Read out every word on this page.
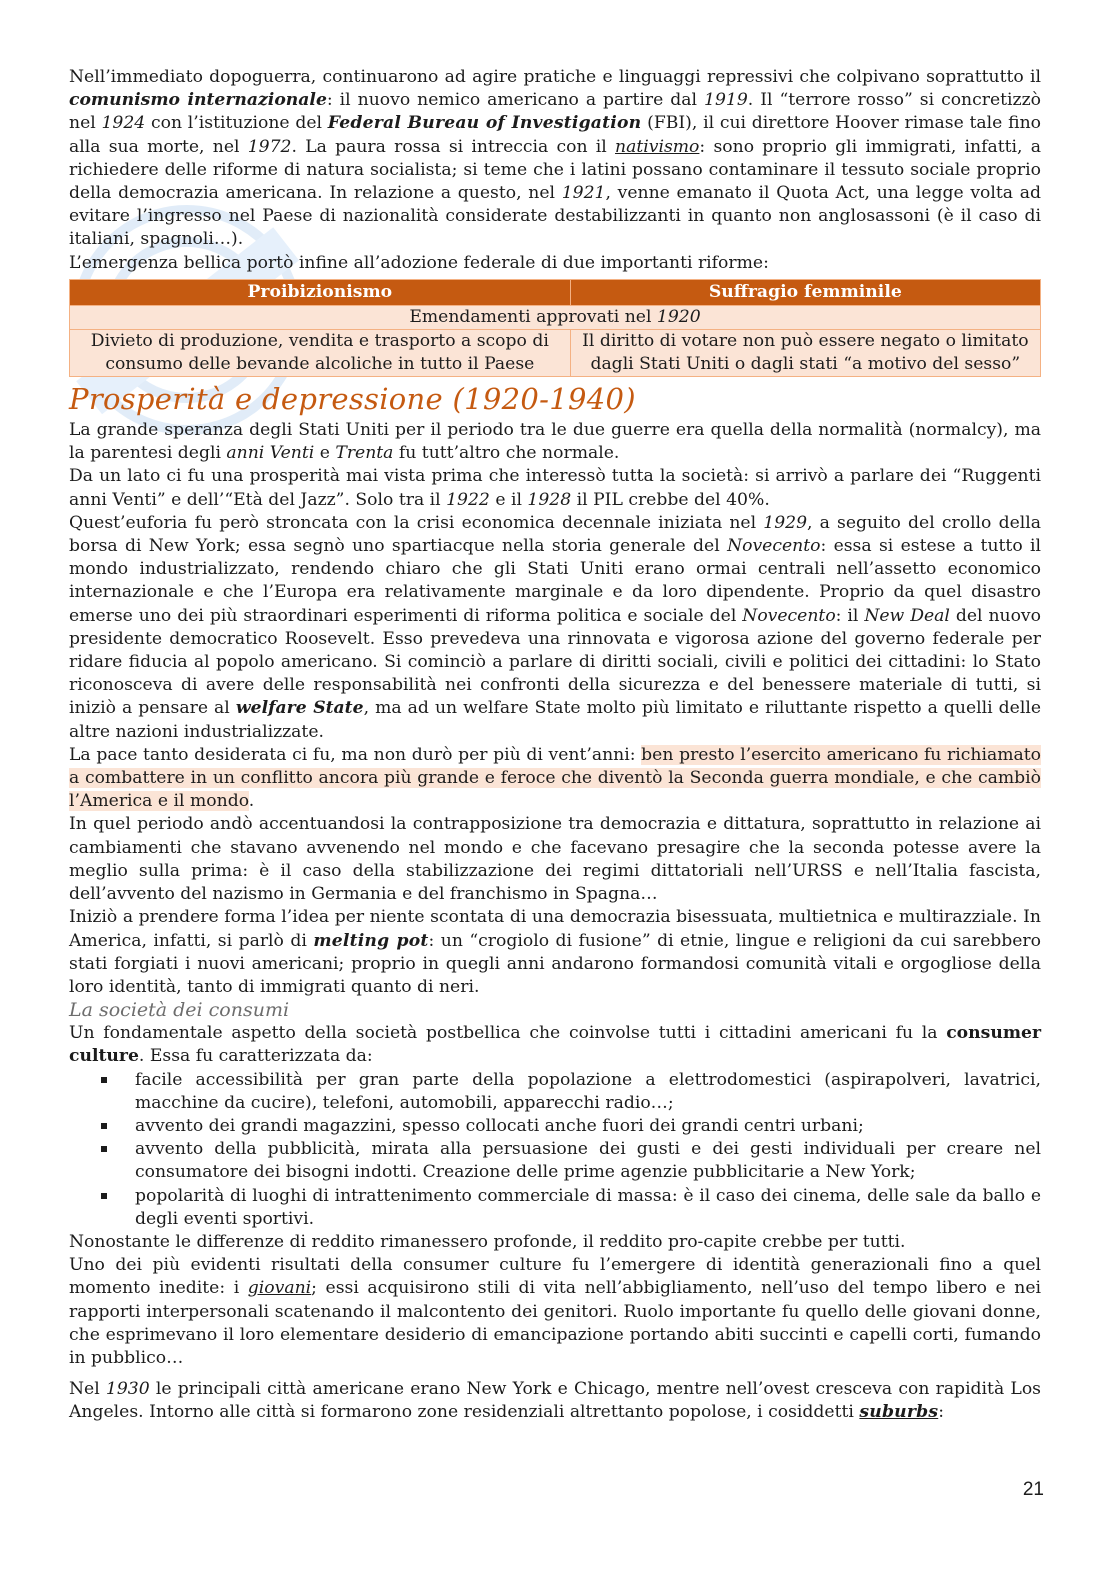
Nell’immediato dopoguerra, continuarono ad agire pratiche e linguaggi repressivi che colpivano soprattutto il comunismo internazionale: il nuovo nemico americano a partire dal 1919. Il “terrore rosso” si concretizzò nel 1924 con l’istituzione del Federal Bureau of Investigation (FBI), il cui direttore Hoover rimase tale fino alla sua morte, nel 1972. La paura rossa si intreccia con il nativismo: sono proprio gli immigrati, infatti, a richiedere delle riforme di natura socialista; si teme che i latini possano contaminare il tessuto sociale proprio della democrazia americana. In relazione a questo, nel 1921, venne emanato il Quota Act, una legge volta ad evitare l’ingresso nel Paese di nazionalità considerate destabilizzanti in quanto non anglosassoni (è il caso di italiani, spagnoli…).

L’emergenza bellica portò infine all’adozione federale di due importanti riforme:

Proibizionismo	Suffragio femminile
Emendamenti approvati nel 1920	
Divieto di produzione, vendita e trasporto a scopo di consumo delle bevande alcoliche in tutto il Paese	Il diritto di votare non può essere negato o limitato dagli Stati Uniti o dagli stati “a motivo del sesso”
Prosperità e depressione (1920-1940)

La grande speranza degli Stati Uniti per il periodo tra le due guerre era quella della normalità (normalcy), ma la parentesi degli anni Venti e Trenta fu tutt’altro che normale.

Da un lato ci fu una prosperità mai vista prima che interessò tutta la società: si arrivò a parlare dei “Ruggenti anni Venti” e dell’“Età del Jazz”. Solo tra il 1922 e il 1928 il PIL crebbe del 40%.

Quest’euforia fu però stroncata con la crisi economica decennale iniziata nel 1929, a seguito del crollo della borsa di New York; essa segnò uno spartiacque nella storia generale del Novecento: essa si estese a tutto il mondo industrializzato, rendendo chiaro che gli Stati Uniti erano ormai centrali nell’assetto economico internazionale e che l’Europa era relativamente marginale e da loro dipendente. Proprio da quel disastro emerse uno dei più straordinari esperimenti di riforma politica e sociale del Novecento: il New Deal del nuovo presidente democratico Roosevelt. Esso prevedeva una rinnovata e vigorosa azione del governo federale per ridare fiducia al popolo americano. Si cominciò a parlare di diritti sociali, civili e politici dei cittadini: lo Stato riconosceva di avere delle responsabilità nei confronti della sicurezza e del benessere materiale di tutti, si iniziò a pensare al welfare State, ma ad un welfare State molto più limitato e riluttante rispetto a quelli delle altre nazioni industrializzate.

La pace tanto desiderata ci fu, ma non durò per più di vent’anni: ben presto l’esercito americano fu richiamato a combattere in un conflitto ancora più grande e feroce che diventò la Seconda guerra mondiale, e che cambiò l’America e il mondo.

In quel periodo andò accentuandosi la contrapposizione tra democrazia e dittatura, soprattutto in relazione ai cambiamenti che stavano avvenendo nel mondo e che facevano presagire che la seconda potesse avere la meglio sulla prima: è il caso della stabilizzazione dei regimi dittatoriali nell’URSS e nell’Italia fascista, dell’avvento del nazismo in Germania e del franchismo in Spagna…

Iniziò a prendere forma l’idea per niente scontata di una democrazia bisessuata, multietnica e multirazziale. In America, infatti, si parlò di melting pot: un “crogiolo di fusione” di etnie, lingue e religioni da cui sarebbero stati forgiati i nuovi americani; proprio in quegli anni andarono formandosi comunità vitali e orgogliose della loro identità, tanto di immigrati quanto di neri.

La società dei consumi

Un fondamentale aspetto della società postbellica che coinvolse tutti i cittadini americani fu la consumer culture. Essa fu caratterizzata da:

facile accessibilità per gran parte della popolazione a elettrodomestici (aspirapolveri, lavatrici, macchine da cucire), telefoni, automobili, apparecchi radio…;
avvento dei grandi magazzini, spesso collocati anche fuori dei grandi centri urbani;
avvento della pubblicità, mirata alla persuasione dei gusti e dei gesti individuali per creare nel consumatore dei bisogni indotti. Creazione delle prime agenzie pubblicitarie a New York;
popolarità di luoghi di intrattenimento commerciale di massa: è il caso dei cinema, delle sale da ballo e degli eventi sportivi.

Nonostante le differenze di reddito rimanessero profonde, il reddito pro-capite crebbe per tutti.

Uno dei più evidenti risultati della consumer culture fu l’emergere di identità generazionali fino a quel momento inedite: i giovani; essi acquisirono stili di vita nell’abbigliamento, nell’uso del tempo libero e nei rapporti interpersonali scatenando il malcontento dei genitori. Ruolo importante fu quello delle giovani donne, che esprimevano il loro elementare desiderio di emancipazione portando abiti succinti e capelli corti, fumando in pubblico…

Nel 1930 le principali città americane erano New York e Chicago, mentre nell’ovest cresceva con rapidità Los Angeles. Intorno alle città si formarono zone residenziali altrettanto popolose, i cosiddetti suburbs:

21
